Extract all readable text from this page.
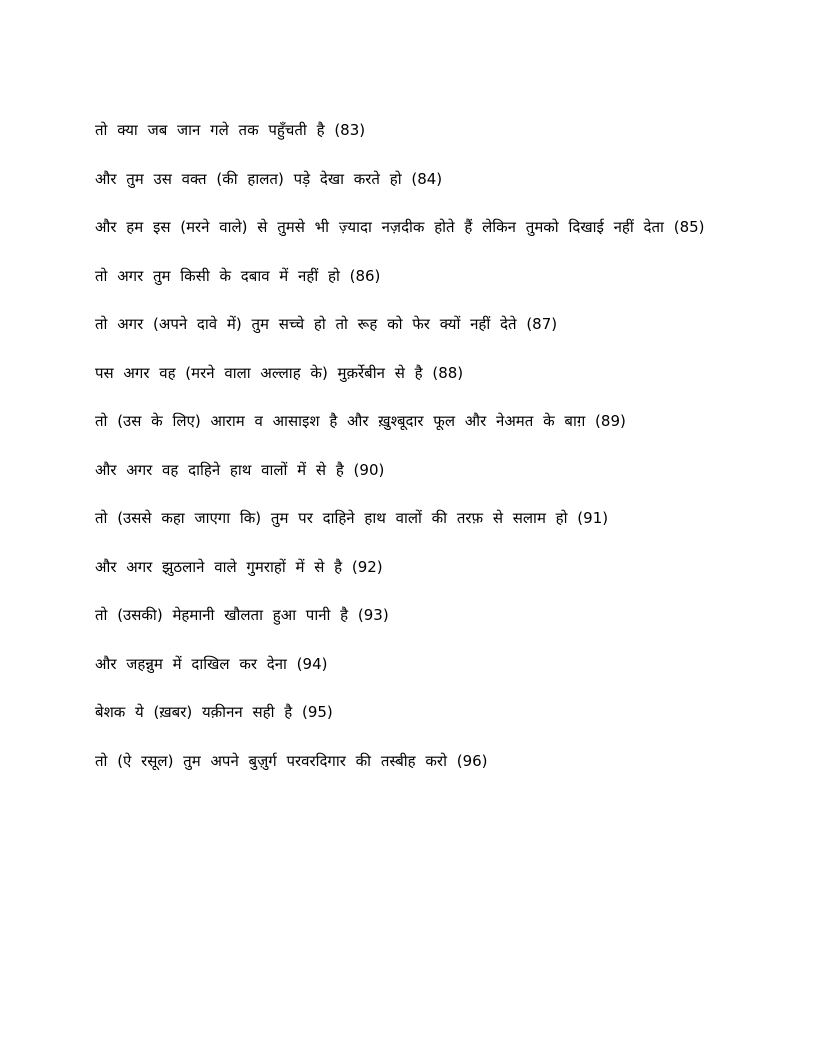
तो क्या जब जान गले तक पहुँचती है (83)
और तुम उस वक्त (की हालत) पड़े देखा करते हो (84)
और हम इस (मरने वाले) से तुमसे भी ज़्यादा नज़दीक होते हैं लेकिन तुमको दिखाई नहीं देता (85)
तो अगर तुम किसी के दबाव में नहीं हो (86)
तो अगर (अपने दावे में) तुम सच्चे हो तो रूह को फेर क्यों नहीं देते (87)
पस अगर वह (मरने वाला अल्लाह के) मुक़र्रेबीन से है (88)
तो (उस के लिए) आराम व आसाइश है और ख़ुश्बूदार फूल और नेअमत के बाग़ (89)
और अगर वह दाहिने हाथ वालों में से है (90)
तो (उससे कहा जाएगा कि) तुम पर दाहिने हाथ वालों की तरफ़ से सलाम हो (91)
और अगर झुठलाने वाले गुमराहों में से है (92)
तो (उसकी) मेहमानी खौलता हुआ पानी है (93)
और जहन्नुम में दाखिल कर देना (94)
बेशक ये (ख़बर) यक़ीनन सही है (95)
तो (ऐ रसूल) तुम अपने बुज़ुर्ग परवरदिगार की तस्बीह करो (96)
